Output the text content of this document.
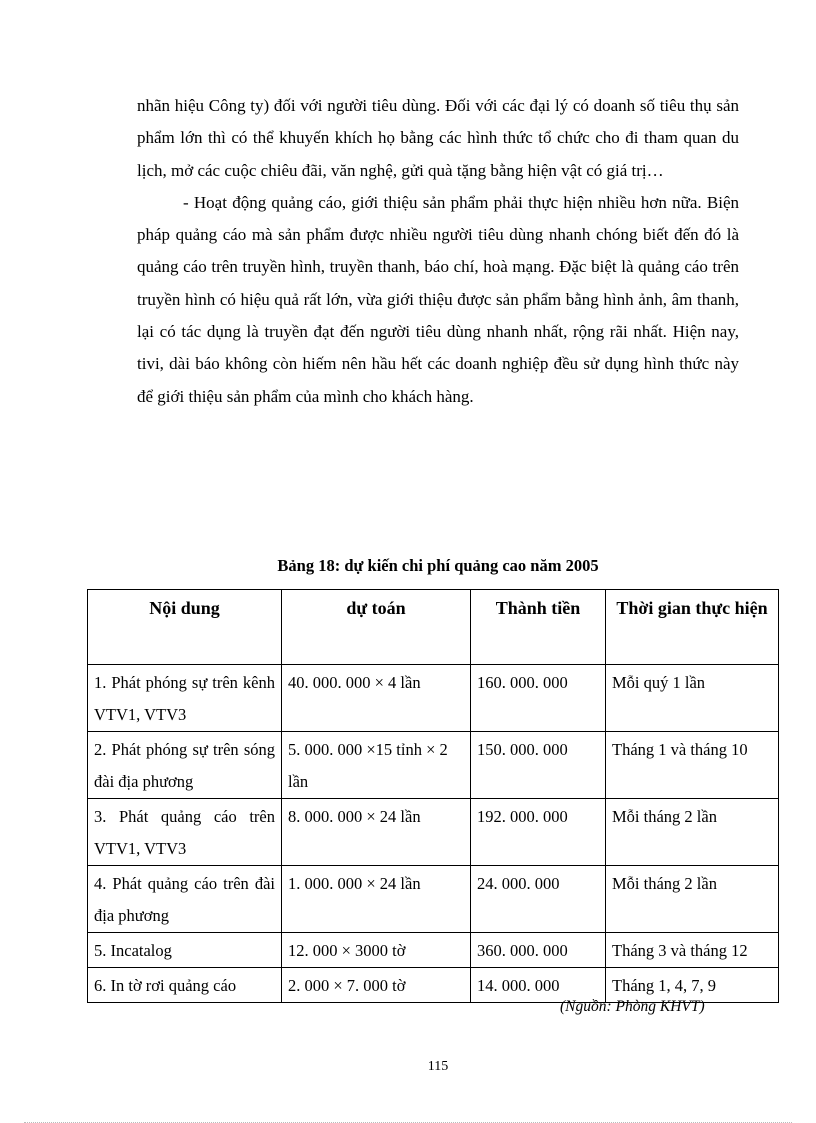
nhãn hiệu Công ty) đối với người tiêu dùng. Đối với các đại lý có doanh số tiêu thụ sản phẩm lớn thì có thể khuyến khích họ bằng các hình thức tổ chức cho đi tham quan du lịch, mở các cuộc chiêu đãi, văn nghệ, gửi quà tặng bằng hiện vật có giá trị…

- Hoạt động quảng cáo, giới thiệu sản phẩm phải thực hiện nhiều hơn nữa. Biện pháp quảng cáo mà sản phẩm được nhiều người tiêu dùng nhanh chóng biết đến đó là quảng cáo trên truyền hình, truyền thanh, báo chí, hoà mạng. Đặc biệt là quảng cáo trên truyền hình có hiệu quả rất lớn, vừa giới thiệu được sản phẩm bằng hình ảnh, âm thanh, lại có tác dụng là truyền đạt đến người tiêu dùng nhanh nhất, rộng rãi nhất. Hiện nay, tivi, dài báo không còn hiếm nên hầu hết các doanh nghiệp đều sử dụng hình thức này để giới thiệu sản phẩm của mình cho khách hàng.

Bảng 18: dự kiến chi phí quảng cao năm 2005
Nội dung	dự toán	Thành tiền	Thời gian thực hiện
1. Phát phóng sự trên kênh VTV1, VTV3	40. 000. 000 × 4 lần	160. 000. 000	Mỗi quý 1 lần
2. Phát phóng sự trên sóng đài địa phương	5. 000. 000 ×15 tỉnh × 2 lần	150. 000. 000	Tháng 1 và tháng 10
3. Phát quảng cáo trên VTV1, VTV3	8. 000. 000 × 24 lần	192. 000. 000	Mỗi tháng 2 lần
4. Phát quảng cáo trên đài địa phương	1. 000. 000 × 24 lần	24. 000. 000	Mỗi tháng 2 lần
5. Incatalog	12. 000 × 3000 tờ	360. 000. 000	Tháng 3 và tháng 12
6. In tờ rơi quảng cáo	2. 000 × 7. 000 tờ	14. 000. 000	Tháng 1, 4, 7, 9
(Nguồn: Phòng KHVT)
115
